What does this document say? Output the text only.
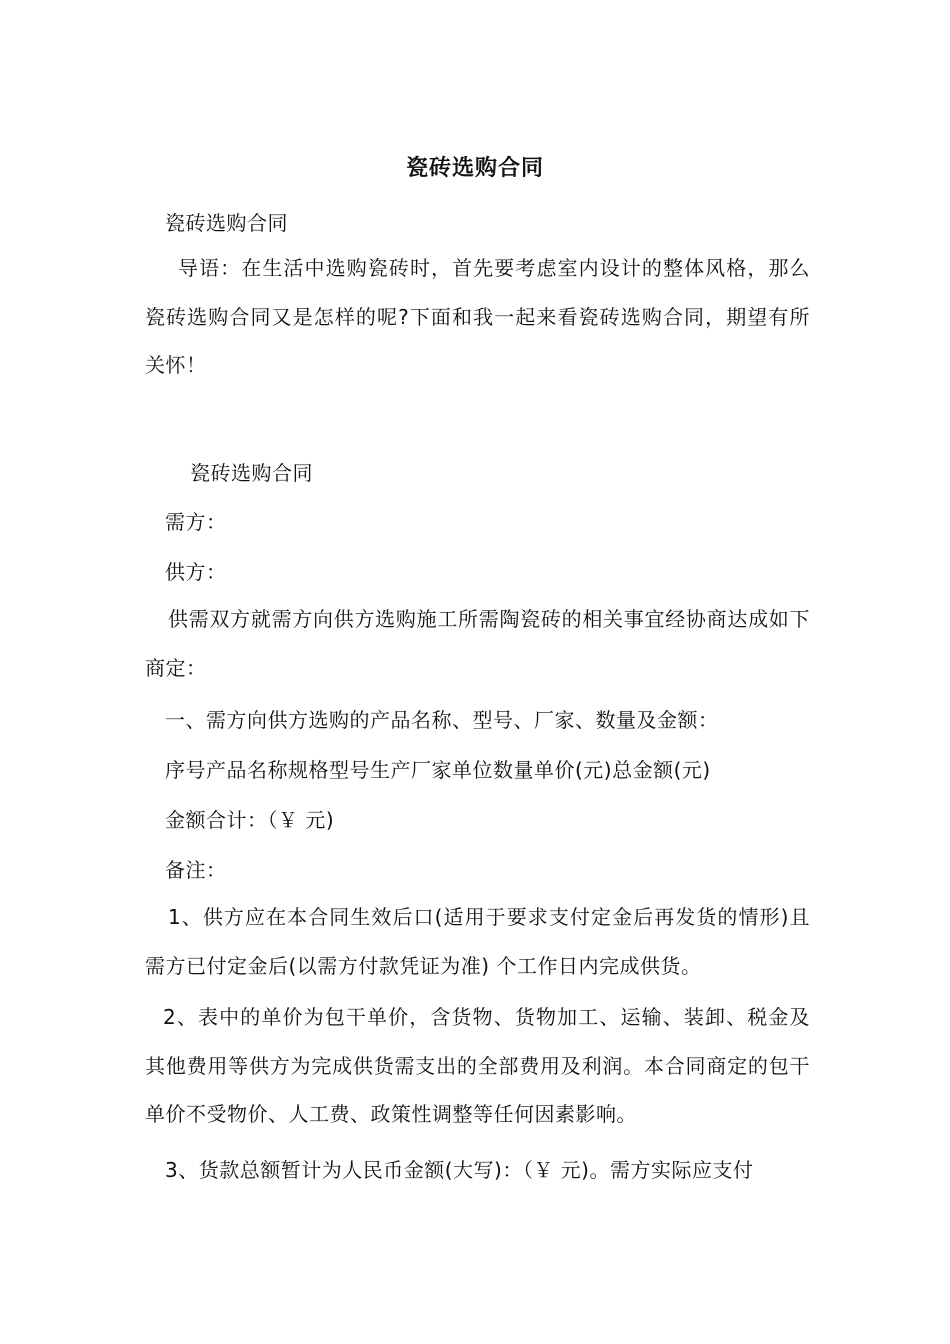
瓷砖选购合同
瓷砖选购合同
导语：在生活中选购瓷砖时，首先要考虑室内设计的整体风格，那么瓷砖选购合同又是怎样的呢?下面和我一起来看瓷砖选购合同，期望有所关怀！
瓷砖选购合同
需方：
供方：
供需双方就需方向供方选购施工所需陶瓷砖的相关事宜经协商达成如下商定：
一、需方向供方选购的产品名称、型号、厂家、数量及金额：
序号产品名称规格型号生产厂家单位数量单价(元)总金额(元)
金额合计：（￥ 元)
备注：
1、供方应在本合同生效后口(适用于要求支付定金后再发货的情形)且需方已付定金后(以需方付款凭证为准) 个工作日内完成供货。
2、表中的单价为包干单价，含货物、货物加工、运输、装卸、税金及其他费用等供方为完成供货需支出的全部费用及利润。本合同商定的包干单价不受物价、人工费、政策性调整等任何因素影响。
3、货款总额暂计为人民币金额(大写)：（￥ 元)。需方实际应支付
